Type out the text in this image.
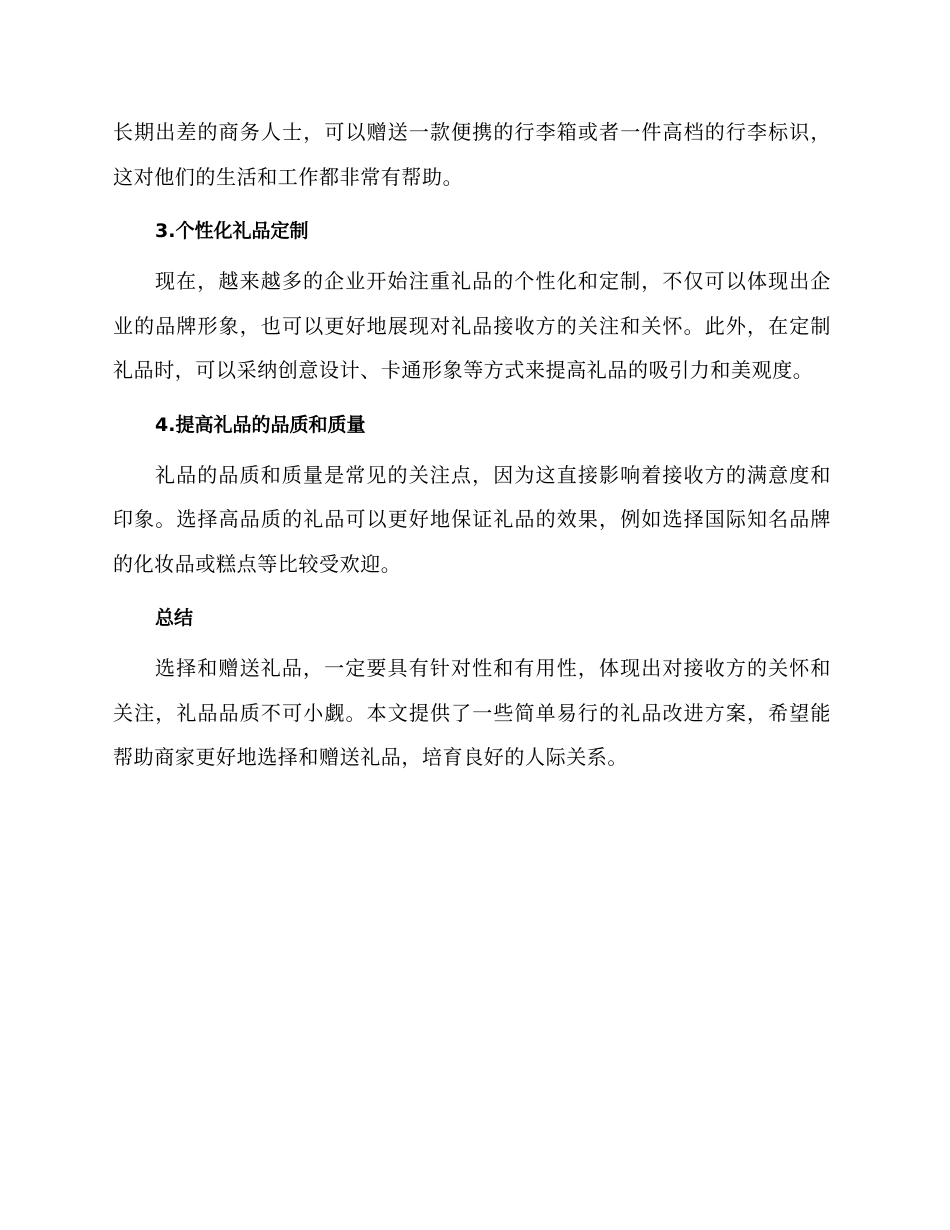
长期出差的商务人士，可以赠送一款便携的行李箱或者一件高档的行李标识，这对他们的生活和工作都非常有帮助。

3.个性化礼品定制

现在，越来越多的企业开始注重礼品的个性化和定制，不仅可以体现出企业的品牌形象，也可以更好地展现对礼品接收方的关注和关怀。此外，在定制礼品时，可以采纳创意设计、卡通形象等方式来提高礼品的吸引力和美观度。

4.提高礼品的品质和质量

礼品的品质和质量是常见的关注点，因为这直接影响着接收方的满意度和印象。选择高品质的礼品可以更好地保证礼品的效果，例如选择国际知名品牌的化妆品或糕点等比较受欢迎。

总结

选择和赠送礼品，一定要具有针对性和有用性，体现出对接收方的关怀和关注，礼品品质不可小觑。本文提供了一些简单易行的礼品改进方案，希望能帮助商家更好地选择和赠送礼品，培育良好的人际关系。
